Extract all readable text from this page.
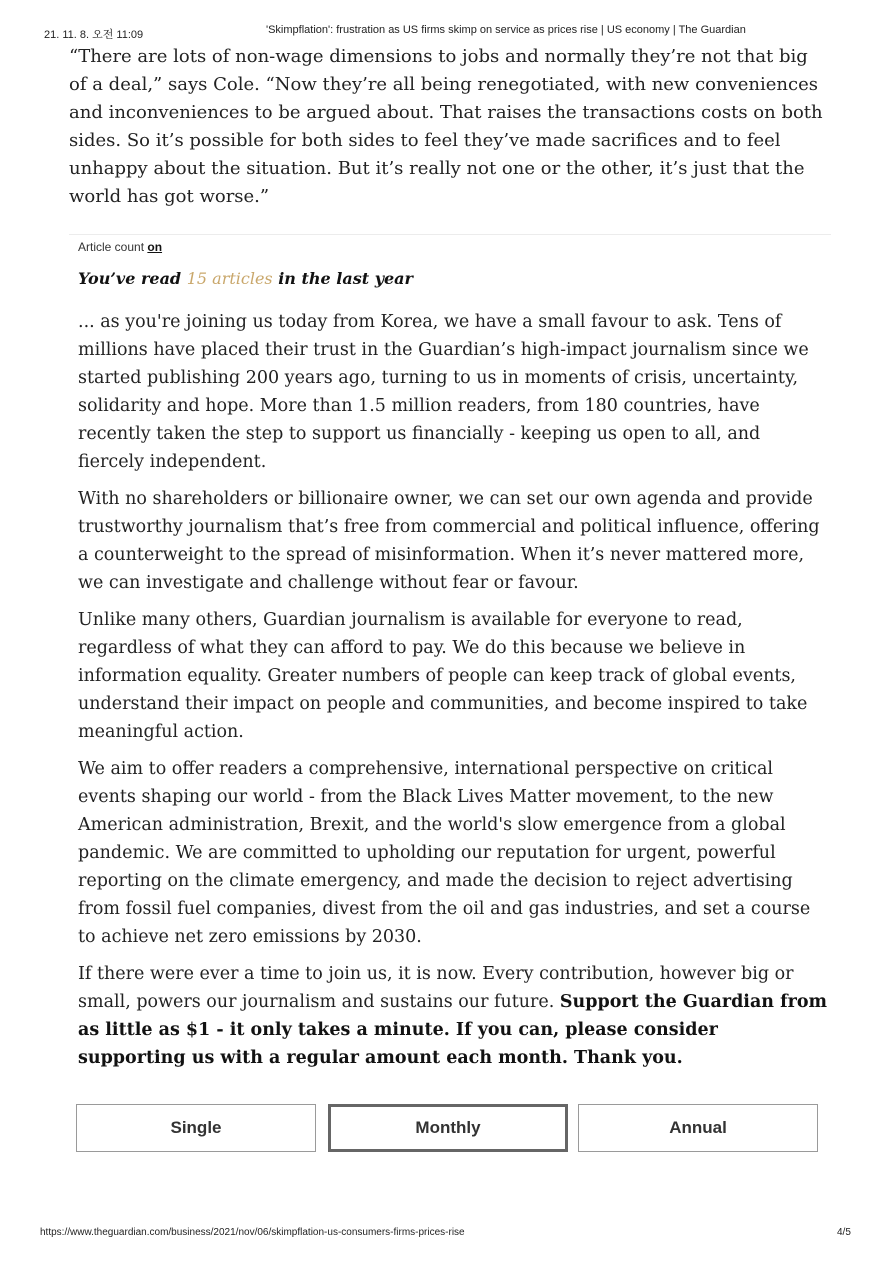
21. 11. 8. 오전 11:09	'Skimpflation': frustration as US firms skimp on service as prices rise | US economy | The Guardian

“There are lots of non-wage dimensions to jobs and normally they’re not that big of a deal,” says Cole. “Now they’re all being renegotiated, with new conveniences and inconveniences to be argued about. That raises the transactions costs on both sides. So it’s possible for both sides to feel they’ve made sacrifices and to feel unhappy about the situation. But it’s really not one or the other, it’s just that the world has got worse.”

Article count on

You’ve read 15 articles in the last year

... as you're joining us today from Korea, we have a small favour to ask. Tens of millions have placed their trust in the Guardian’s high-impact journalism since we started publishing 200 years ago, turning to us in moments of crisis, uncertainty, solidarity and hope. More than 1.5 million readers, from 180 countries, have recently taken the step to support us financially - keeping us open to all, and fiercely independent.

With no shareholders or billionaire owner, we can set our own agenda and provide trustworthy journalism that’s free from commercial and political influence, offering a counterweight to the spread of misinformation. When it’s never mattered more, we can investigate and challenge without fear or favour.

Unlike many others, Guardian journalism is available for everyone to read, regardless of what they can afford to pay. We do this because we believe in information equality. Greater numbers of people can keep track of global events, understand their impact on people and communities, and become inspired to take meaningful action.

We aim to offer readers a comprehensive, international perspective on critical events shaping our world - from the Black Lives Matter movement, to the new American administration, Brexit, and the world's slow emergence from a global pandemic. We are committed to upholding our reputation for urgent, powerful reporting on the climate emergency, and made the decision to reject advertising from fossil fuel companies, divest from the oil and gas industries, and set a course to achieve net zero emissions by 2030.

If there were ever a time to join us, it is now. Every contribution, however big or small, powers our journalism and sustains our future. Support the Guardian from as little as $1 - it only takes a minute. If you can, please consider supporting us with a regular amount each month. Thank you.

Single	Monthly	Annual
https://www.theguardian.com/business/2021/nov/06/skimpflation-us-consumers-firms-prices-rise	4/5
